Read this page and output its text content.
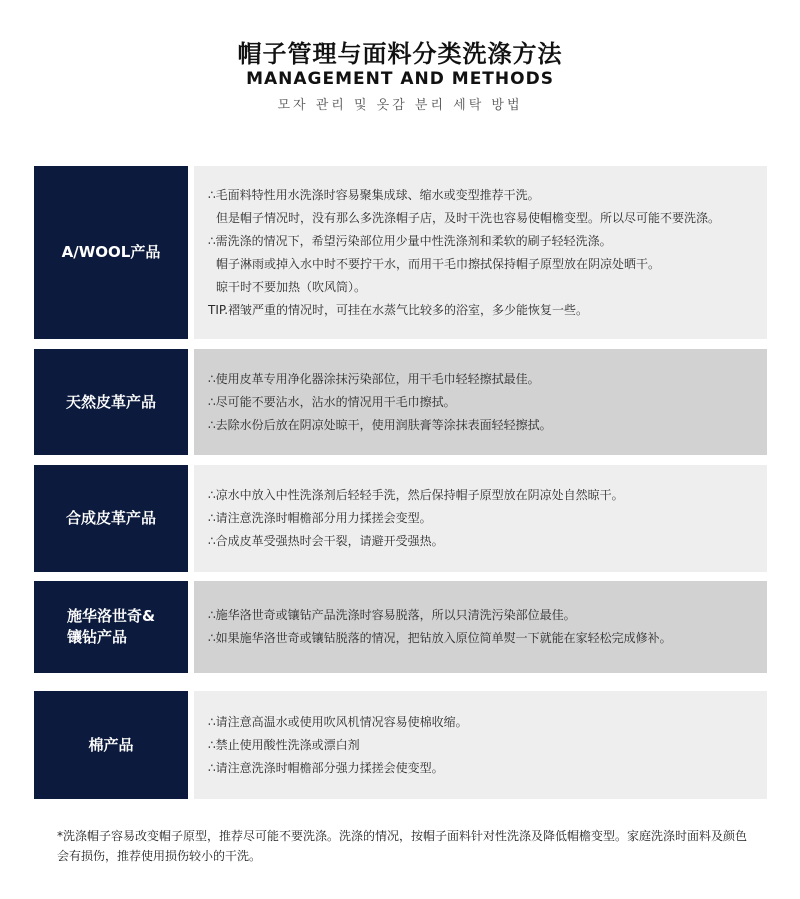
帽子管理与面料分类洗涤方法
MANAGEMENT AND METHODS
모자 관리 및 옷감 분리 세탁 방법
A/WOOL产品
∴毛面料特性用水洗涤时容易聚集成球、缩水或变型推荐干洗。
但是帽子情况时，没有那么多洗涤帽子店，及时干洗也容易使帽檐变型。所以尽可能不要洗涤。
∴需洗涤的情况下，希望污染部位用少量中性洗涤剂和柔软的刷子轻轻洗涤。
帽子淋雨或掉入水中时不要拧干水，而用干毛巾擦拭保持帽子原型放在阴凉处晒干。
晾干时不要加热（吹风筒）。
TIP.褶皱严重的情况时，可挂在水蒸气比较多的浴室，多少能恢复一些。
天然皮革产品
∴使用皮革专用净化器涂抹污染部位，用干毛巾轻轻擦拭最佳。
∴尽可能不要沾水，沾水的情况用干毛巾擦拭。
∴去除水份后放在阴凉处晾干，使用润肤膏等涂抹表面轻轻擦拭。
合成皮革产品
∴凉水中放入中性洗涤剂后轻轻手洗，然后保持帽子原型放在阴凉处自然晾干。
∴请注意洗涤时帽檐部分用力揉搓会变型。
∴合成皮革受强热时会干裂，请避开受强热。
施华洛世奇&
镶钻产品
∴施华洛世奇或镶钻产品洗涤时容易脱落，所以只清洗污染部位最佳。
∴如果施华洛世奇或镶钻脱落的情况，把钻放入原位简单熨一下就能在家轻松完成修补。
棉产品
∴请注意高温水或使用吹风机情况容易使棉收缩。
∴禁止使用酸性洗涤或漂白剂
∴请注意洗涤时帽檐部分强力揉搓会使变型。
*洗涤帽子容易改变帽子原型，推荐尽可能不要洗涤。洗涤的情况，按帽子面料针对性洗涤及降低帽檐变型。家庭洗涤时面料及颜色会有损伤，推荐使用损伤较小的干洗。
